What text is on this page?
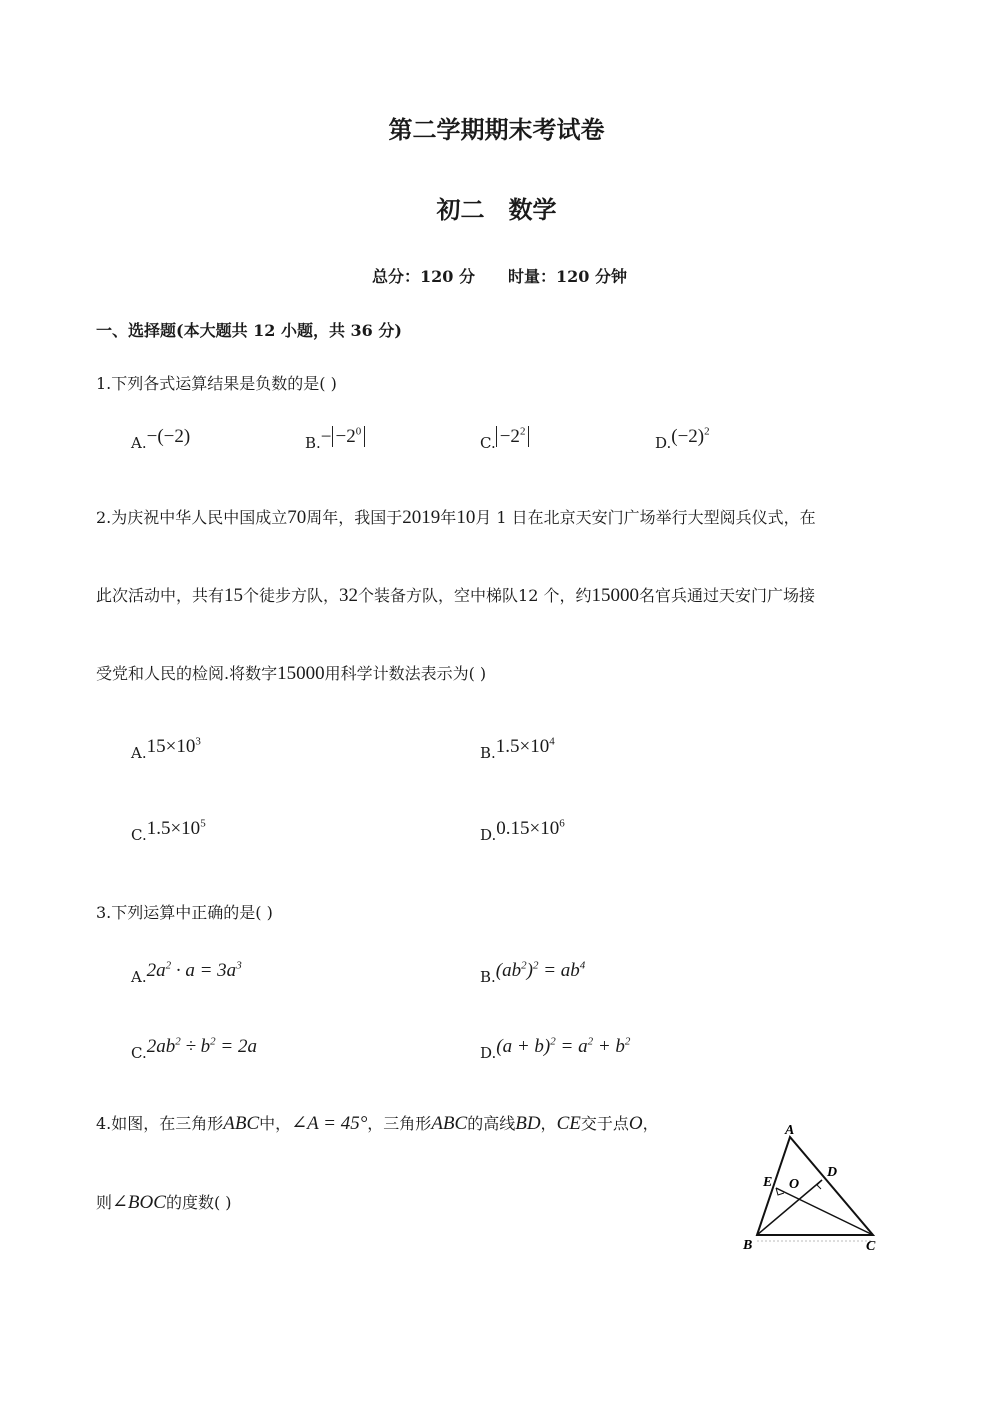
第二学期期末考试卷
初二　数学
总分：120 分 时量：120 分钟
一、选择题(本大题共 12 小题，共 36 分)
1.下列各式运算结果是负数的是( )
A.−(−2)	$B.- -2^0$
C. $-2^2$
$D.(-2)^2$
2.为庆祝中华人民中国成立70周年，我国于2019年10月 1 日在北京天安门广场举行大型阅兵仪式，在
此次活动中，共有15个徒步方队，32个装备方队，空中梯队12 个，约15000名官兵通过天安门广场接
受党和人民的检阅.将数字15000用科学计数法表示为( )
$A.15\times 10^3$
$B.1.5\times 10^4$
$C.1.5\times 10^5$
$D.0.15\times 10^6$
3.下列运算中正确的是( )
$A.2a^2 \cdot a = 3a^3$
$B.(ab^2)^2 = ab^4$
$C.2ab^2 \div b^2 = 2a$	$D.(a + b)^2 = a^2 + b^2$
4.如图，在三角形ABC中，∠A = 45°，三角形ABC的高线BD，CE交于点O，
则∠BOC的度数( )
A
B	C
D
E O
